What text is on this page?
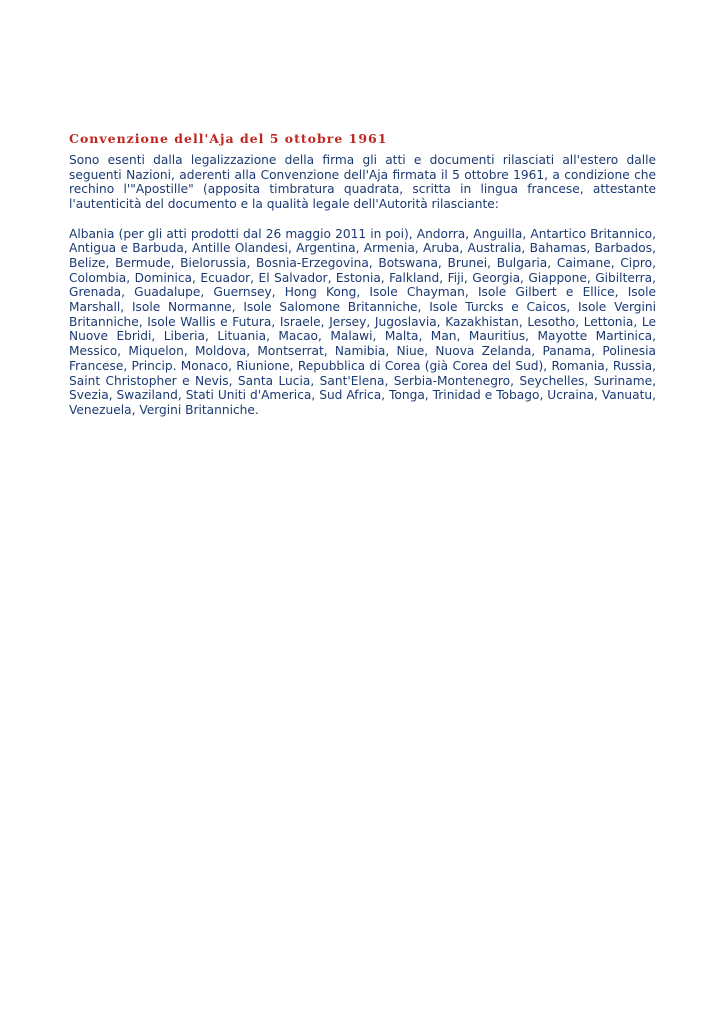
Convenzione dell'Aja del 5 ottobre 1961

Sono esenti dalla legalizzazione della firma gli atti e documenti rilasciati all'estero dalle seguenti Nazioni, aderenti alla Convenzione dell'Aja firmata il 5 ottobre 1961, a condizione che rechino l'"Apostille" (apposita timbratura quadrata, scritta in lingua francese, attestante l'autenticità del documento e la qualità legale dell'Autorità rilasciante:

Albania (per gli atti prodotti dal 26 maggio 2011 in poi), Andorra, Anguilla, Antartico Britannico, Antigua e Barbuda, Antille Olandesi, Argentina, Armenia, Aruba, Australia, Bahamas, Barbados, Belize, Bermude, Bielorussia, Bosnia-Erzegovina, Botswana, Brunei, Bulgaria, Caimane, Cipro, Colombia, Dominica, Ecuador, El Salvador, Estonia, Falkland, Fiji, Georgia, Giappone, Gibilterra, Grenada, Guadalupe, Guernsey, Hong Kong, Isole Chayman, Isole Gilbert e Ellice, Isole Marshall, Isole Normanne, Isole Salomone Britanniche, Isole Turcks e Caicos, Isole Vergini Britanniche, Isole Wallis e Futura, Israele, Jersey, Jugoslavia, Kazakhistan, Lesotho, Lettonia, Le Nuove Ebridi, Liberia, Lituania, Macao, Malawi, Malta, Man, Mauritius, Mayotte Martinica, Messico, Miquelon, Moldova, Montserrat, Namibia, Niue, Nuova Zelanda, Panama, Polinesia Francese, Princip. Monaco, Riunione, Repubblica di Corea (già Corea del Sud), Romania, Russia, Saint Christopher e Nevis, Santa Lucia, Sant'Elena, Serbia-Montenegro, Seychelles, Suriname, Svezia, Swaziland, Stati Uniti d'America, Sud Africa, Tonga, Trinidad e Tobago, Ucraina, Vanuatu, Venezuela, Vergini Britanniche.
